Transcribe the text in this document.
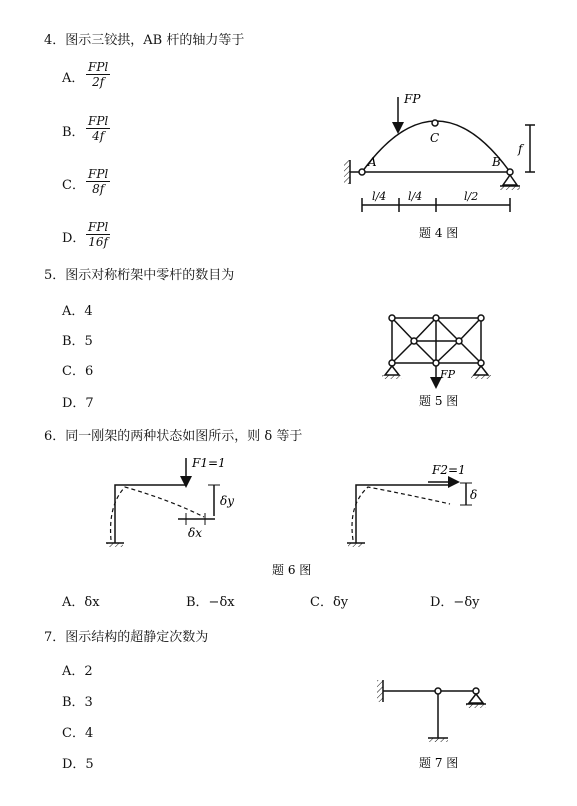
4．图示三铰拱，AB 杆的轴力等于
A．
FPl
2f
B．
FPl
4f
C．
FPl
8f
D．
FPl
16f
5．图示对称桁架中零杆的数目为
A．4
B．5
C．6
D．7
6．同一刚架的两种状态如图所示，则 δ 等于
A．δx	B．−δx	C．δy	D．−δy
7．图示结构的超静定次数为
A．2
B．3
C．4
D．5
FP
C
A	B
f
l/4 l/4	l/2
题 4 图
FP
题 5 图
F1=1
δy
δx
F2=1
δ
题 6 图
题 7 图
